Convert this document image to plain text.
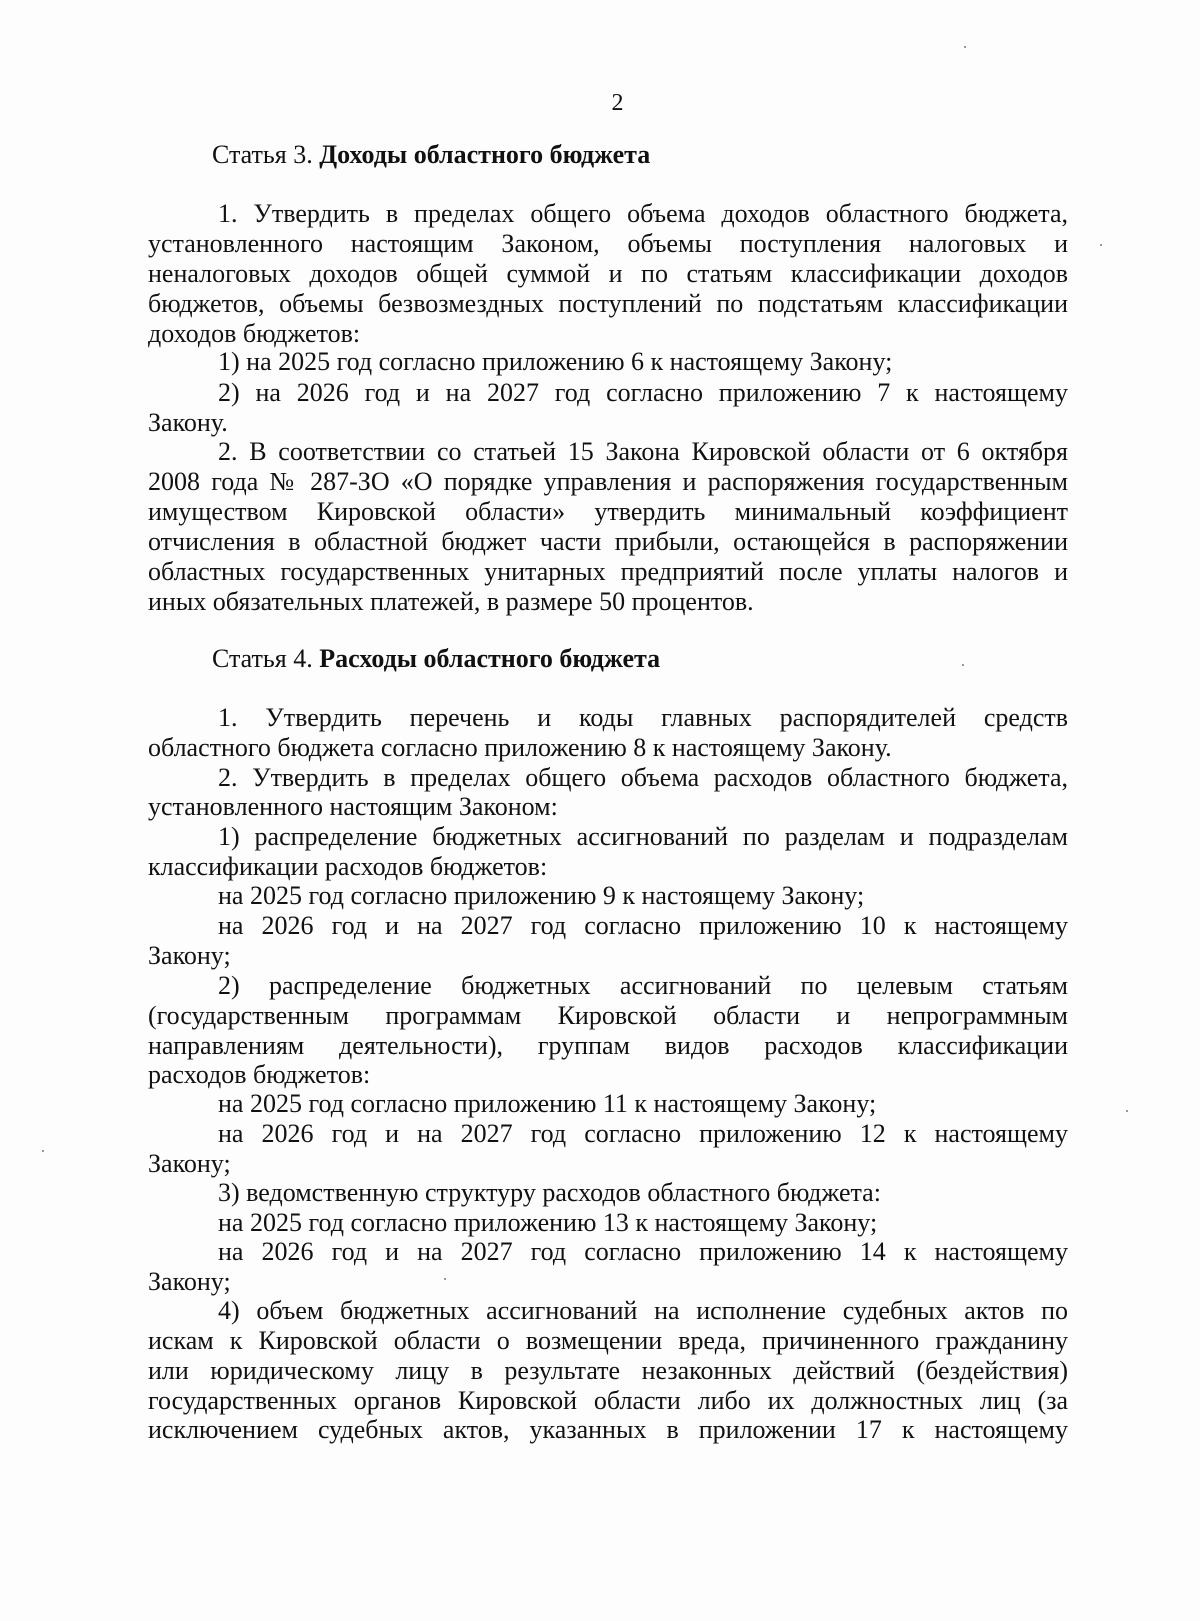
2
Статья 3. Доходы областного бюджета
1. Утвердить в пределах общего объема доходов областного бюджета,
установленного настоящим Законом, объемы поступления налоговых и
неналоговых доходов общей суммой и по статьям классификации доходов
бюджетов, объемы безвозмездных поступлений по подстатьям классификации
доходов бюджетов:
1) на 2025 год согласно приложению 6 к настоящему Закону;
2) на 2026 год и на 2027 год согласно приложению 7 к настоящему
Закону.
2. В соответствии со статьей 15 Закона Кировской области от 6 октября
2008 года № 287-ЗО «О порядке управления и распоряжения государственным
имуществом Кировской области» утвердить минимальный коэффициент
отчисления в областной бюджет части прибыли, остающейся в распоряжении
областных государственных унитарных предприятий после уплаты налогов и
иных обязательных платежей, в размере 50 процентов.
Статья 4. Расходы областного бюджета
1. Утвердить перечень и коды главных распорядителей средств
областного бюджета согласно приложению 8 к настоящему Закону.
2. Утвердить в пределах общего объема расходов областного бюджета,
установленного настоящим Законом:
1) распределение бюджетных ассигнований по разделам и подразделам
классификации расходов бюджетов:
на 2025 год согласно приложению 9 к настоящему Закону;
на 2026 год и на 2027 год согласно приложению 10 к настоящему
Закону;
2) распределение бюджетных ассигнований по целевым статьям
(государственным программам Кировской области и непрограммным
направлениям деятельности), группам видов расходов классификации
расходов бюджетов:
на 2025 год согласно приложению 11 к настоящему Закону;
на 2026 год и на 2027 год согласно приложению 12 к настоящему
Закону;
3) ведомственную структуру расходов областного бюджета:
на 2025 год согласно приложению 13 к настоящему Закону;
на 2026 год и на 2027 год согласно приложению 14 к настоящему
Закону;
4) объем бюджетных ассигнований на исполнение судебных актов по
искам к Кировской области о возмещении вреда, причиненного гражданину
или юридическому лицу в результате незаконных действий (бездействия)
государственных органов Кировской области либо их должностных лиц (за
исключением судебных актов, указанных в приложении 17 к настоящему
